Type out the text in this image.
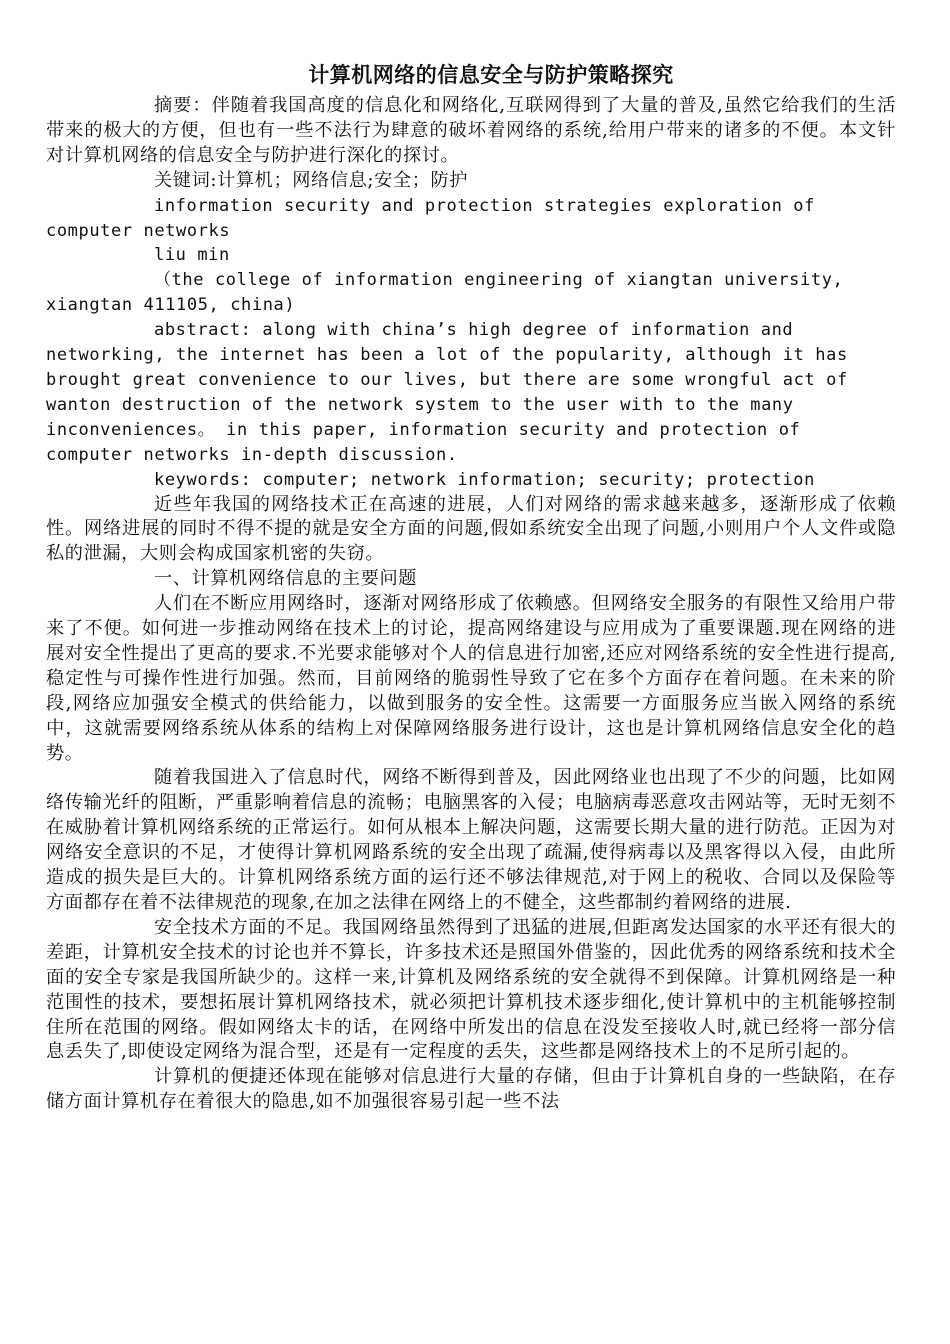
计算机网络的信息安全与防护策略探究

摘要：伴随着我国高度的信息化和网络化,互联网得到了大量的普及,虽然它给我们的生活带来的极大的方便，但也有一些不法行为肆意的破坏着网络的系统,给用户带来的诸多的不便。本文针对计算机网络的信息安全与防护进行深化的探讨。

关键词:计算机；网络信息;安全；防护

information security and protection strategies exploration of computer networks

liu min

（the college of information engineering of xiangtan university, xiangtan 411105, china)

abstract: along with china’s high degree of information and networking, the internet has been a lot of the popularity, although it has brought great convenience to our lives, but there are some wrongful act of wanton destruction of the network system to the user with to the many inconveniences。 in this paper, information security and protection of computer networks in-depth discussion.

keywords: computer; network information; security; protection

近些年我国的网络技术正在高速的进展，人们对网络的需求越来越多，逐渐形成了依赖性。网络进展的同时不得不提的就是安全方面的问题,假如系统安全出现了问题,小则用户个人文件或隐私的泄漏，大则会构成国家机密的失窃。

一、计算机网络信息的主要问题

人们在不断应用网络时，逐渐对网络形成了依赖感。但网络安全服务的有限性又给用户带来了不便。如何进一步推动网络在技术上的讨论，提高网络建设与应用成为了重要课题.现在网络的进展对安全性提出了更高的要求.不光要求能够对个人的信息进行加密,还应对网络系统的安全性进行提高,稳定性与可操作性进行加强。然而，目前网络的脆弱性导致了它在多个方面存在着问题。在未来的阶段,网络应加强安全模式的供给能力，以做到服务的安全性。这需要一方面服务应当嵌入网络的系统中，这就需要网络系统从体系的结构上对保障网络服务进行设计，这也是计算机网络信息安全化的趋势。

随着我国进入了信息时代，网络不断得到普及，因此网络业也出现了不少的问题，比如网络传输光纤的阻断，严重影响着信息的流畅；电脑黑客的入侵；电脑病毒恶意攻击网站等，无时无刻不在威胁着计算机网络系统的正常运行。如何从根本上解决问题，这需要长期大量的进行防范。正因为对网络安全意识的不足，才使得计算机网路系统的安全出现了疏漏,使得病毒以及黑客得以入侵，由此所造成的损失是巨大的。计算机网络系统方面的运行还不够法律规范,对于网上的税收、合同以及保险等方面都存在着不法律规范的现象,在加之法律在网络上的不健全，这些都制约着网络的进展.

安全技术方面的不足。我国网络虽然得到了迅猛的进展,但距离发达国家的水平还有很大的差距，计算机安全技术的讨论也并不算长，许多技术还是照国外借鉴的，因此优秀的网络系统和技术全面的安全专家是我国所缺少的。这样一来,计算机及网络系统的安全就得不到保障。计算机网络是一种范围性的技术，要想拓展计算机网络技术，就必须把计算机技术逐步细化,使计算机中的主机能够控制住所在范围的网络。假如网络太卡的话，在网络中所发出的信息在没发至接收人时,就已经将一部分信息丢失了,即使设定网络为混合型，还是有一定程度的丢失，这些都是网络技术上的不足所引起的。

计算机的便捷还体现在能够对信息进行大量的存储，但由于计算机自身的一些缺陷，在存储方面计算机存在着很大的隐患,如不加强很容易引起一些不法
